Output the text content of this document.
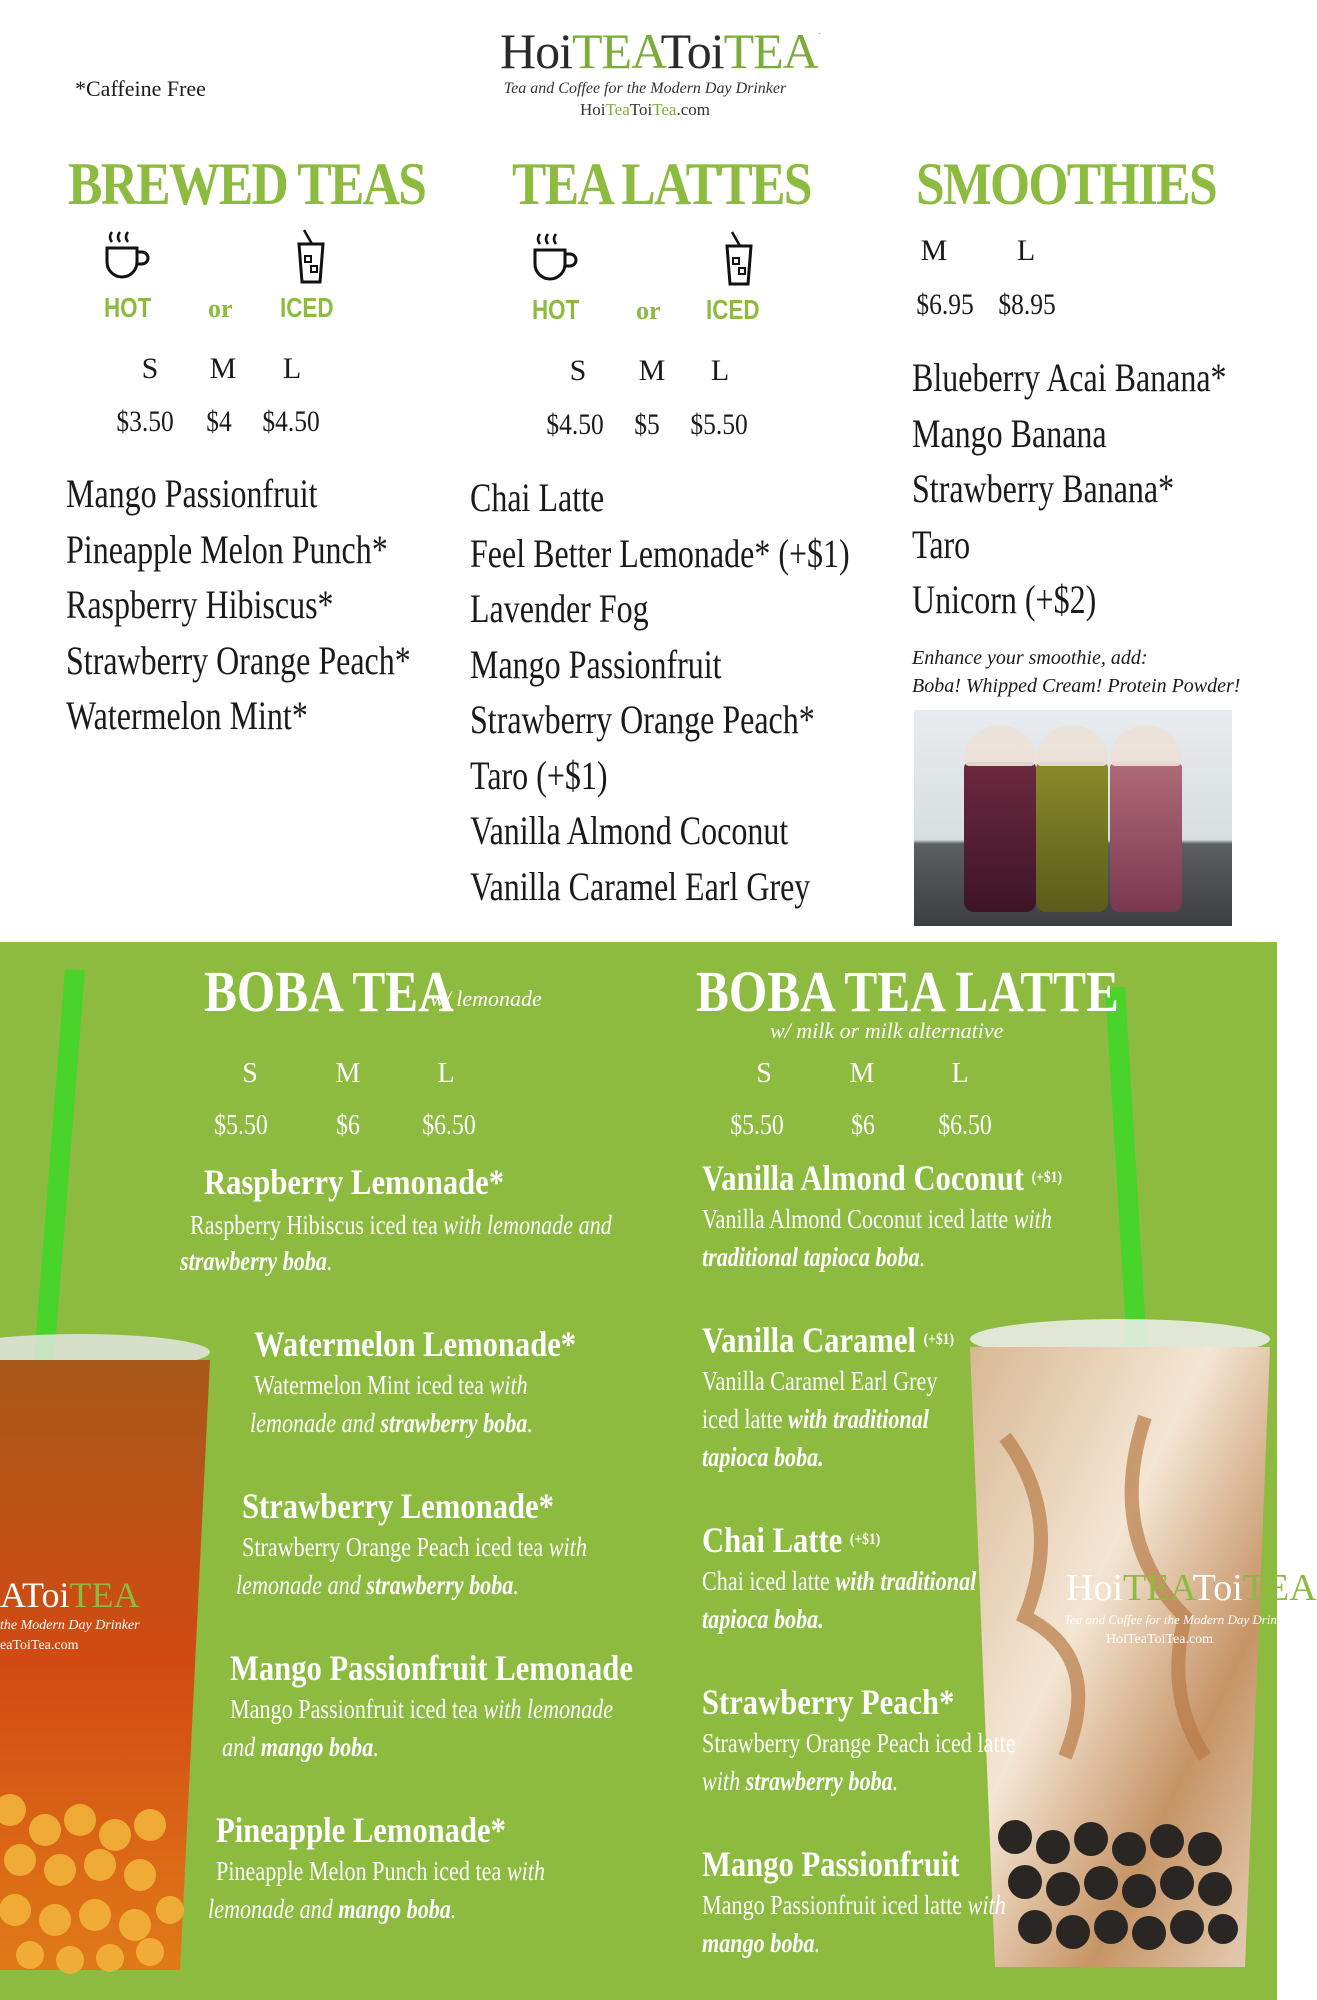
*Caffeine Free
HoiTEAToiTEA.
Tea and Coffee for the Modern Day Drinker
HoiTeaToiTea.com
BREWED TEAS
HOT or ICED
S	M	L
$3.50	$4	$4.50
Mango Passionfruit
Pineapple Melon Punch*
Raspberry Hibiscus*
Strawberry Orange Peach*
Watermelon Mint*
TEA LATTES
HOT or ICED
S	M	L
$4.50	$5	$5.50
Chai Latte
Feel Better Lemonade* (+$1)
Lavender Fog
Mango Passionfruit
Strawberry Orange Peach*
Taro (+$1)
Vanilla Almond Coconut
Vanilla Caramel Earl Grey
SMOOTHIES
M	L
$6.95 $8.95
Blueberry Acai Banana*
Mango Banana
Strawberry Banana*
Taro
Unicorn (+$2)
Enhance your smoothie, add:
Boba! Whipped Cream! Protein Powder!
AToiTEA
the Modern Day Drinker
eaToiTea.com
HoiTEAToiTEA
Tea and Coffee for the Modern Day Drinker
HoiTeaToiTea.com
BOBA TEA
w/ lemonade
S	M	L
$5.50	$6	$6.50
Raspberry Lemonade*
Raspberry Hibiscus iced tea with lemonade and
strawberry boba.
Watermelon Lemonade*
Watermelon Mint iced tea with
lemonade and strawberry boba.
Strawberry Lemonade*
Strawberry Orange Peach iced tea with
lemonade and strawberry boba.
Mango Passionfruit Lemonade
Mango Passionfruit iced tea with lemonade
and mango boba.
Pineapple Lemonade*
Pineapple Melon Punch iced tea with
lemonade and mango boba.
BOBA TEA LATTE
w/ milk or milk alternative
S	M	L
$5.50	$6	$6.50
Vanilla Almond Coconut $^{(+\$1)}$
Vanilla Almond Coconut iced latte with
traditional tapioca boba.
Vanilla Caramel $^{(+\$1)}$
Vanilla Caramel Earl Grey
iced latte with traditional
tapioca boba.
Chai Latte $^{(+\$1)}$
Chai iced latte with traditional
tapioca boba.
Strawberry Peach*
Strawberry Orange Peach iced latte
with strawberry boba.
Mango Passionfruit
Mango Passionfruit iced latte with
mango boba.
